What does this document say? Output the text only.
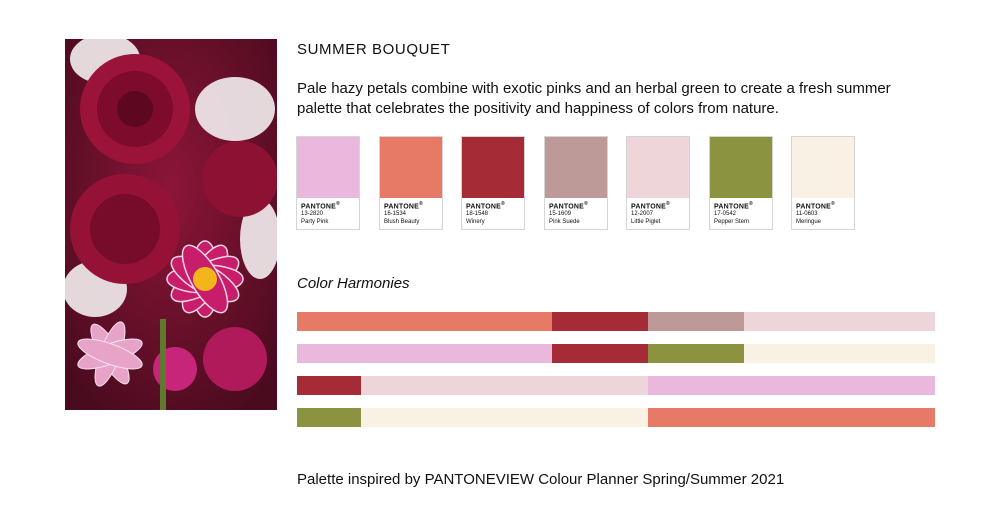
SUMMER BOUQUET
Pale hazy petals combine with exotic pinks and an herbal green to create a fresh summer palette that celebrates the positivity and happiness of colors from nature.
PANTONE®
13-2820
Party Pink
PANTONE®
16-1534
Blush Beauty
PANTONE®
18-1548
Winery
PANTONE®
15-1609
Pink Suede
PANTONE®
12-2007
Little Piglet
PANTONE®
17-0542
Pepper Stem
PANTONE®
11-0603
Meringue
Color Harmonies
Palette inspired by PANTONEVIEW Colour Planner Spring/Summer 2021
